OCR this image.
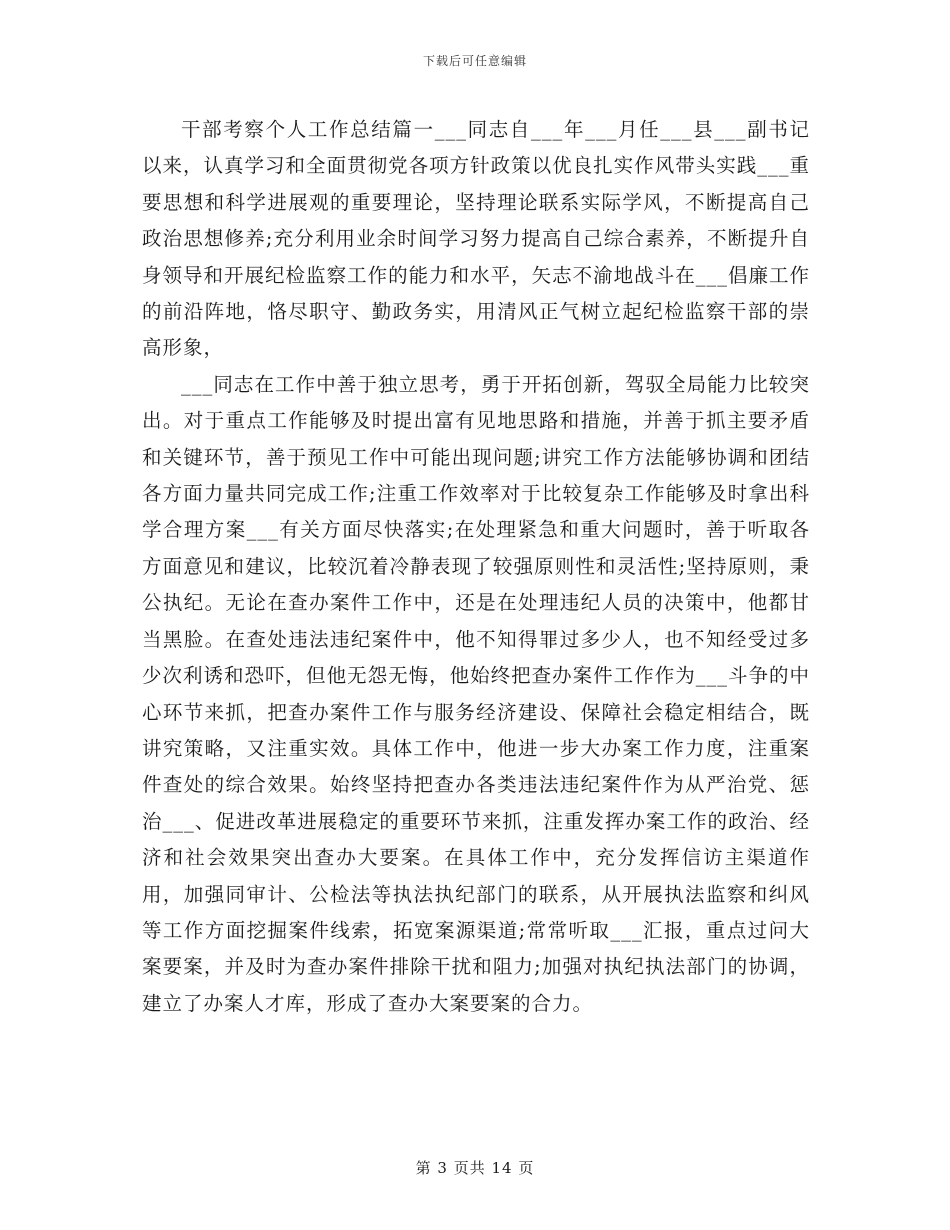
下载后可任意编辑

干部考察个人工作总结篇一___同志自___年___月任___县___副书记以来，认真学习和全面贯彻党各项方针政策以优良扎实作风带头实践___重要思想和科学进展观的重要理论，坚持理论联系实际学风，不断提高自己政治思想修养;充分利用业余时间学习努力提高自己综合素养，不断提升自身领导和开展纪检监察工作的能力和水平，矢志不渝地战斗在___倡廉工作的前沿阵地，恪尽职守、勤政务实，用清风正气树立起纪检监察干部的崇高形象，

___同志在工作中善于独立思考，勇于开拓创新，驾驭全局能力比较突出。对于重点工作能够及时提出富有见地思路和措施，并善于抓主要矛盾和关键环节，善于预见工作中可能出现问题;讲究工作方法能够协调和团结各方面力量共同完成工作;注重工作效率对于比较复杂工作能够及时拿出科学合理方案___有关方面尽快落实;在处理紧急和重大问题时，善于听取各方面意见和建议，比较沉着冷静表现了较强原则性和灵活性;坚持原则，秉公执纪。无论在查办案件工作中，还是在处理违纪人员的决策中，他都甘当黑脸。在查处违法违纪案件中，他不知得罪过多少人，也不知经受过多少次利诱和恐吓，但他无怨无悔，他始终把查办案件工作作为___斗争的中心环节来抓，把查办案件工作与服务经济建设、保障社会稳定相结合，既讲究策略，又注重实效。具体工作中，他进一步大办案工作力度，注重案件查处的综合效果。始终坚持把查办各类违法违纪案件作为从严治党、惩治___、促进改革进展稳定的重要环节来抓，注重发挥办案工作的政治、经济和社会效果突出查办大要案。在具体工作中，充分发挥信访主渠道作用，加强同审计、公检法等执法执纪部门的联系，从开展执法监察和纠风等工作方面挖掘案件线索，拓宽案源渠道;常常听取___汇报，重点过问大案要案，并及时为查办案件排除干扰和阻力;加强对执纪执法部门的协调，建立了办案人才库，形成了查办大案要案的合力。

第 3 页共 14 页
